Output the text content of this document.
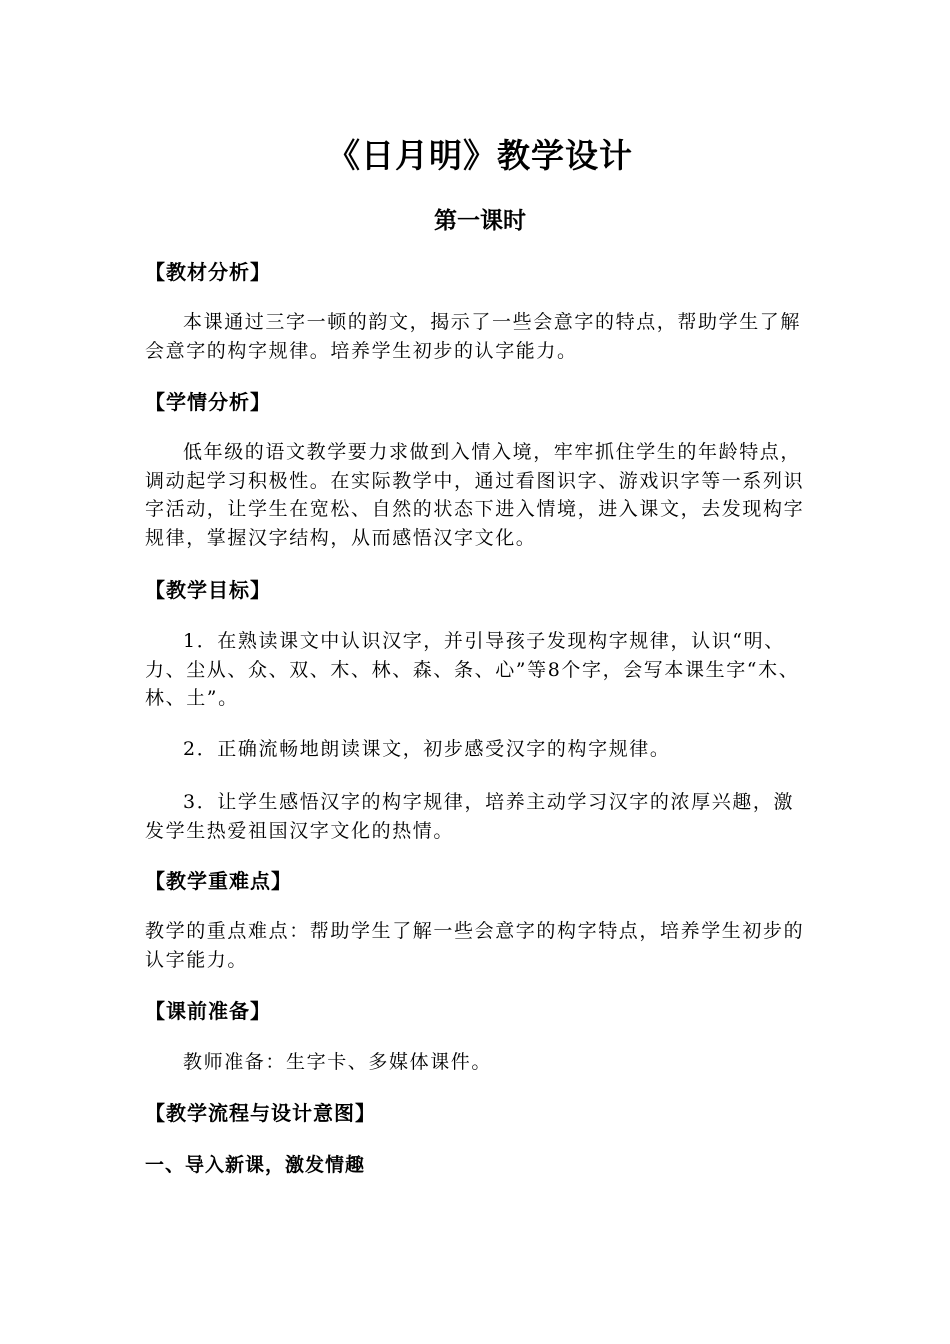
《日月明》教学设计
第一课时
【教材分析】
本课通过三字一顿的韵文，揭示了一些会意字的特点，帮助学生了解会意字的构字规律。培养学生初步的认字能力。
【学情分析】
低年级的语文教学要力求做到入情入境，牢牢抓住学生的年龄特点，调动起学习积极性。在实际教学中，通过看图识字、游戏识字等一系列识字活动，让学生在宽松、自然的状态下进入情境，进入课文，去发现构字规律，掌握汉字结构，从而感悟汉字文化。
【教学目标】
1．在熟读课文中认识汉字，并引导孩子发现构字规律，认识“明、力、尘从、众、双、木、林、森、条、心”等8个字，会写本课生字“木、林、土”。
2．正确流畅地朗读课文，初步感受汉字的构字规律。
3．让学生感悟汉字的构字规律，培养主动学习汉字的浓厚兴趣，激发学生热爱祖国汉字文化的热情。
【教学重难点】
教学的重点难点：帮助学生了解一些会意字的构字特点，培养学生初步的认字能力。
【课前准备】
教师准备：生字卡、多媒体课件。
【教学流程与设计意图】
一、导入新课，激发情趣
